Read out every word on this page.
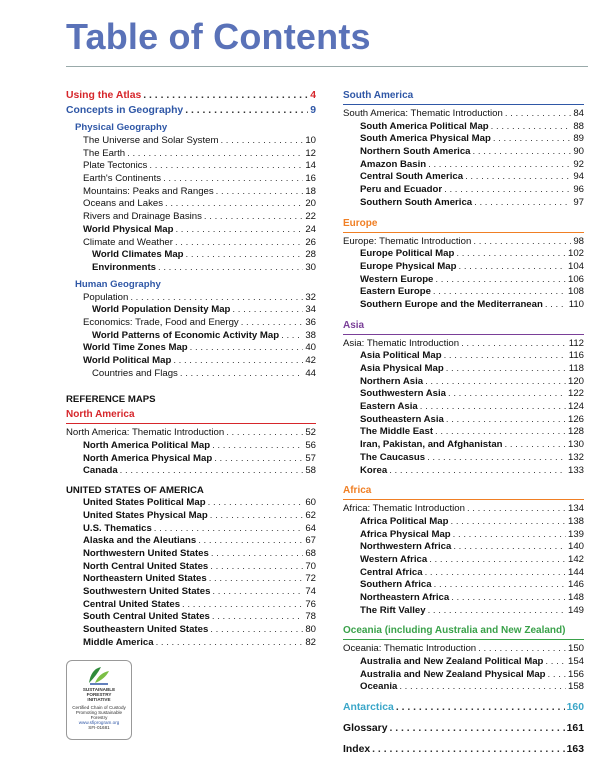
Table of Contents
Using the Atlas . . .	4
Concepts in Geography . . .	9
Physical Geography
The Universe and Solar System . . .	10
The Earth . . .	12
Plate Tectonics . . .	14
Earth's Continents . . .	16
Mountains: Peaks and Ranges . . .	18
Oceans and Lakes . . .	20
Rivers and Drainage Basins . . .	22
World Physical Map . . .	24
Climate and Weather . . .	26
World Climates Map . . .	28
Environments . . .	30
Human Geography
Population . . .	32
World Population Density Map . . .	34
Economics: Trade, Food and Energy . . .	36
World Patterns of Economic Activity Map . . .	38
World Time Zones Map . . .	40
World Political Map . . .	42
Countries and Flags . . .	44
REFERENCE MAPS
North America
North America: Thematic Introduction . . .	52
North America Political Map . . .	56
North America Physical Map . . .	57
Canada . . .	58
UNITED STATES OF AMERICA
United States Political Map . . .	60
United States Physical Map . . .	62
U.S. Thematics . . .	64
Alaska and the Aleutians . . .	67
Northwestern United States . . .	68
North Central United States . . .	70
Northeastern United States . . .	72
Southwestern United States . . .	74
Central United States . . .	76
South Central United States . . .	78
Southeastern United States . . .	80
Middle America . . .	82
SUSTAINABLE
FORESTRY
INITIATIVE
Certified Chain of Custody
Promoting Sustainable Forestry
www.sfiprogram.org
SFI-01681
South America
South America: Thematic Introduction . . .	84
South America Political Map . . .	88
South America Physical Map . . .	89
Northern South America . . .	90
Amazon Basin . . .	92
Central South America . . .	94
Peru and Ecuador . . .	96
Southern South America . . .	97
Europe
Europe: Thematic Introduction . . .	98
Europe Political Map . . .	102
Europe Physical Map . . .	104
Western Europe . . .	106
Eastern Europe . . .	108
Southern Europe and the Mediterranean . . .	110
Asia
Asia: Thematic Introduction . . .	112
Asia Political Map . . .	116
Asia Physical Map . . .	118
Northern Asia . . .	120
Southwestern Asia . . .	122
Eastern Asia . . .	124
Southeastern Asia . . .	126
The Middle East . . .	128
Iran, Pakistan, and Afghanistan . . .	130
The Caucasus . . .	132
Korea . . .	133
Africa
Africa: Thematic Introduction . . .	134
Africa Political Map . . .	138
Africa Physical Map . . .	139
Northwestern Africa . . .	140
Western Africa . . .	142
Central Africa . . .	144
Southern Africa . . .	146
Northeastern Africa . . .	148
The Rift Valley . . .	149
Oceania (including Australia and New Zealand)
Oceania: Thematic Introduction . . .	150
Australia and New Zealand Political Map . . .	154
Australia and New Zealand Physical Map . . . 156
Oceania . . .	158
Antarctica . . .	160
Glossary . . .	161
Index . . .	163
